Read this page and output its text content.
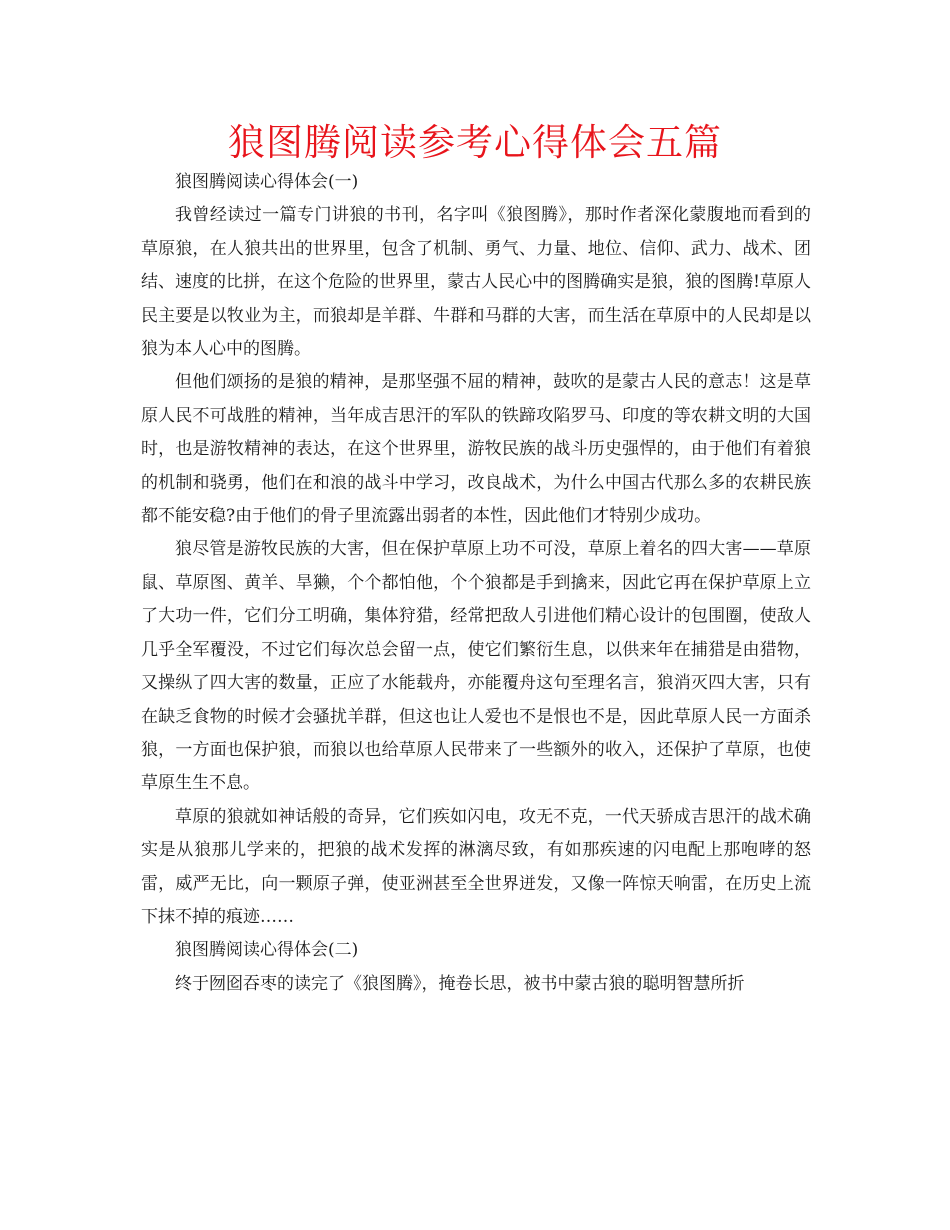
狼图腾阅读参考心得体会五篇

狼图腾阅读心得体会(一)

我曾经读过一篇专门讲狼的书刊，名字叫《狼图腾》，那时作者深化蒙腹地而看到的草原狼，在人狼共出的世界里，包含了机制、勇气、力量、地位、信仰、武力、战术、团结、速度的比拼，在这个危险的世界里，蒙古人民心中的图腾确实是狼，狼的图腾!草原人民主要是以牧业为主，而狼却是羊群、牛群和马群的大害，而生活在草原中的人民却是以狼为本人心中的图腾。

但他们颂扬的是狼的精神，是那坚强不屈的精神，鼓吹的是蒙古人民的意志！这是草原人民不可战胜的精神，当年成吉思汗的军队的铁蹄攻陷罗马、印度的等农耕文明的大国时，也是游牧精神的表达，在这个世界里，游牧民族的战斗历史强悍的，由于他们有着狼的机制和骁勇，他们在和浪的战斗中学习，改良战术，为什么中国古代那么多的农耕民族都不能安稳?由于他们的骨子里流露出弱者的本性，因此他们才特别少成功。

狼尽管是游牧民族的大害，但在保护草原上功不可没，草原上着名的四大害——草原鼠、草原图、黄羊、旱獭，个个都怕他，个个狼都是手到擒来，因此它再在保护草原上立了大功一件，它们分工明确，集体狩猎，经常把敌人引进他们精心设计的包围圈，使敌人几乎全军覆没，不过它们每次总会留一点，使它们繁衍生息，以供来年在捕猎是由猎物，又操纵了四大害的数量，正应了水能载舟，亦能覆舟这句至理名言，狼消灭四大害，只有在缺乏食物的时候才会骚扰羊群，但这也让人爱也不是恨也不是，因此草原人民一方面杀狼，一方面也保护狼，而狼以也给草原人民带来了一些额外的收入，还保护了草原，也使草原生生不息。

草原的狼就如神话般的奇异，它们疾如闪电，攻无不克，一代天骄成吉思汗的战术确实是从狼那儿学来的，把狼的战术发挥的淋漓尽致，有如那疾速的闪电配上那咆哮的怒雷，威严无比，向一颗原子弹，使亚洲甚至全世界迸发，又像一阵惊天响雷，在历史上流下抹不掉的痕迹……

狼图腾阅读心得体会(二)

终于囫囵吞枣的读完了《狼图腾》，掩卷长思，被书中蒙古狼的聪明智慧所折
